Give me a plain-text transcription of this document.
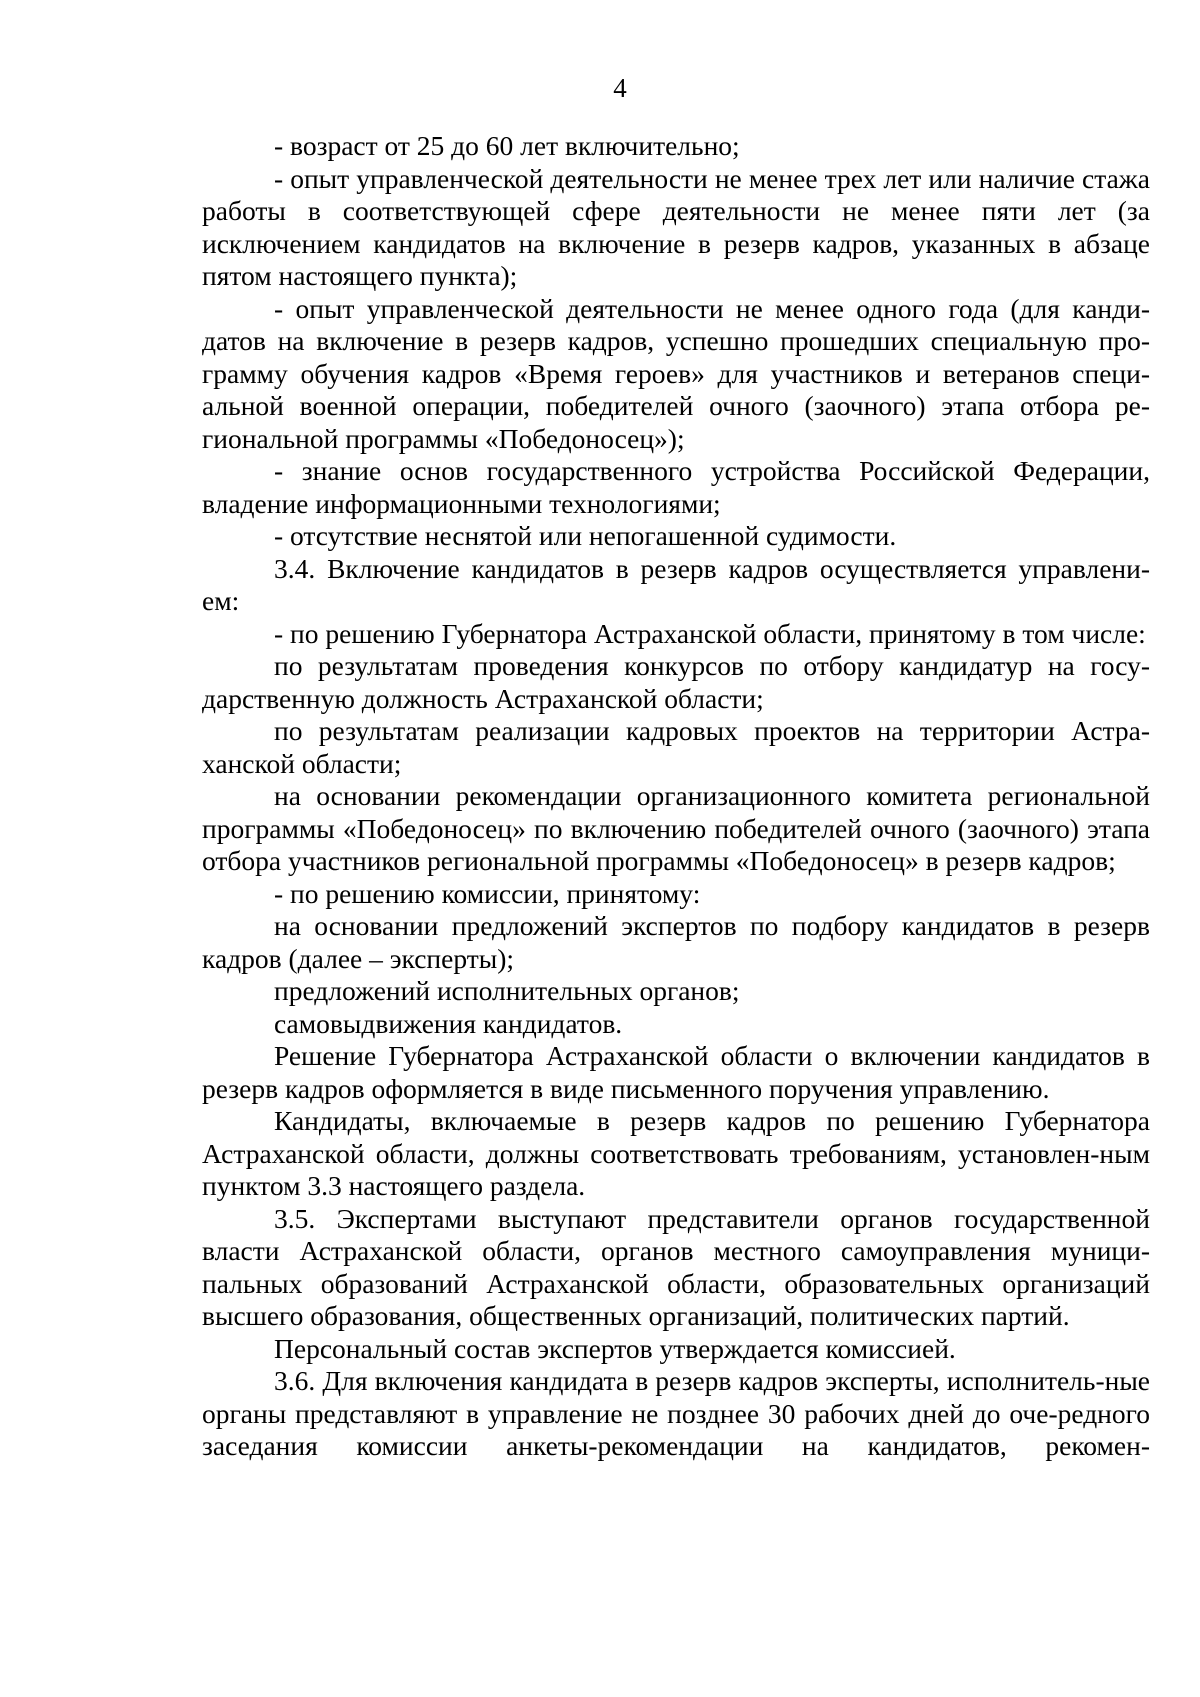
4

- возраст от 25 до 60 лет включительно;

- опыт управленческой деятельности не менее трех лет или наличие стажа работы в соответствующей сфере деятельности не менее пяти лет (за исключением кандидатов на включение в резерв кадров, указанных в абзаце пятом настоящего пункта);

- опыт управленческой деятельности не менее одного года (для канди-датов на включение в резерв кадров, успешно прошедших специальную про-грамму обучения кадров «Время героев» для участников и ветеранов специ-альной военной операции, победителей очного (заочного) этапа отбора ре-гиональной программы «Победоносец»);

- знание основ государственного устройства Российской Федерации, владение информационными технологиями;

- отсутствие неснятой или непогашенной судимости.

3.4. Включение кандидатов в резерв кадров осуществляется управлени-ем:

- по решению Губернатора Астраханской области, принятому в том числе:

по результатам проведения конкурсов по отбору кандидатур на госу-дарственную должность Астраханской области;

по результатам реализации кадровых проектов на территории Астра-ханской области;

на основании рекомендации организационного комитета региональной программы «Победоносец» по включению победителей очного (заочного) этапа отбора участников региональной программы «Победоносец» в резерв кадров;

- по решению комиссии, принятому:

на основании предложений экспертов по подбору кандидатов в резерв кадров (далее – эксперты);

предложений исполнительных органов;

самовыдвижения кандидатов.

Решение Губернатора Астраханской области о включении кандидатов в резерв кадров оформляется в виде письменного поручения управлению.

Кандидаты, включаемые в резерв кадров по решению Губернатора Астраханской области, должны соответствовать требованиям, установлен-ным пунктом 3.3 настоящего раздела.

3.5. Экспертами выступают представители органов государственной власти Астраханской области, органов местного самоуправления муници-пальных образований Астраханской области, образовательных организаций высшего образования, общественных организаций, политических партий.

Персональный состав экспертов утверждается комиссией.

3.6. Для включения кандидата в резерв кадров эксперты, исполнитель-ные органы представляют в управление не позднее 30 рабочих дней до оче-редного заседания комиссии анкеты-рекомендации на кандидатов, рекомен-
